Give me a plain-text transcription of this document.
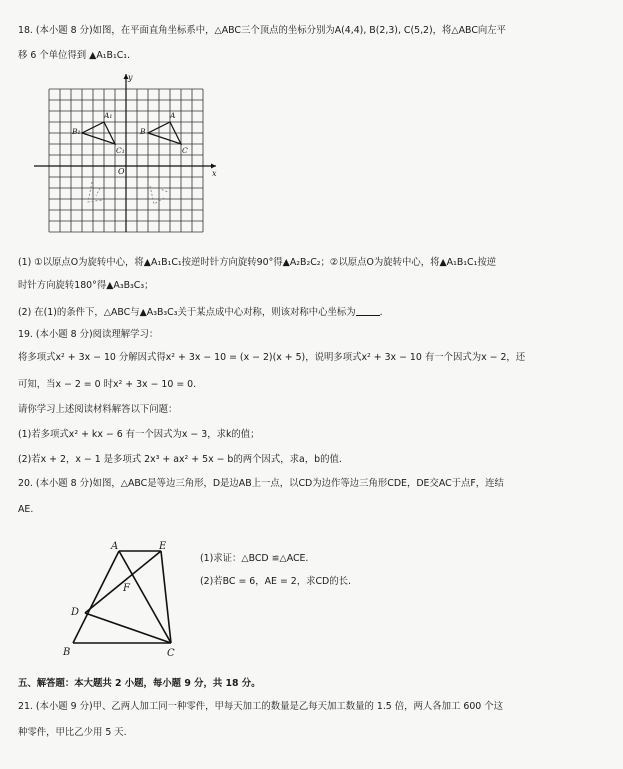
18. (本小题 8 分)如图，在平面直角坐标系中，△ABC三个顶点的坐标分别为A(4,4), B(2,3), C(5,2)，将△ABC向左平
移 6 个单位得到 ▲A₁B₁C₁.
y
x
O
A
B
C
A₁
B₁
C₁
(1) ①以原点O为旋转中心，将▲A₁B₁C₁按逆时针方向旋转90°得▲A₂B₂C₂；②以原点O为旋转中心，将▲A₁B₁C₁按逆
时针方向旋转180°得▲A₃B₃C₃；
(2) 在(1)的条件下，△ABC与▲A₃B₃C₃关于某点成中心对称，则该对称中心坐标为	.
19. (本小题 8 分)阅读理解学习：
将多项式x² + 3x − 10 分解因式得x² + 3x − 10 = (x − 2)(x + 5)，说明多项式x² + 3x − 10 有一个因式为x − 2，还
可知，当x − 2 = 0 时x² + 3x − 10 = 0.
请你学习上述阅读材料解答以下问题：
(1)若多项式x² + kx − 6 有一个因式为x − 3，求k的值；
(2)若x + 2，x − 1 是多项式 2x³ + ax² + 5x − b的两个因式，求a，b的值.
20. (本小题 8 分)如图，△ABC是等边三角形，D是边AB上一点，以CD为边作等边三角形CDE，DE交AC于点F，连结
AE.
A	E
F
D
B	C
(1)求证：△BCD ≌△ACE.
(2)若BC = 6，AE = 2，求CD的长.
五、解答题：本大题共 2 小题，每小题 9 分，共 18 分。
21. (本小题 9 分)甲、乙两人加工同一种零件，甲每天加工的数量是乙每天加工数量的 1.5 倍，两人各加工 600 个这
种零件，甲比乙少用 5 天.
